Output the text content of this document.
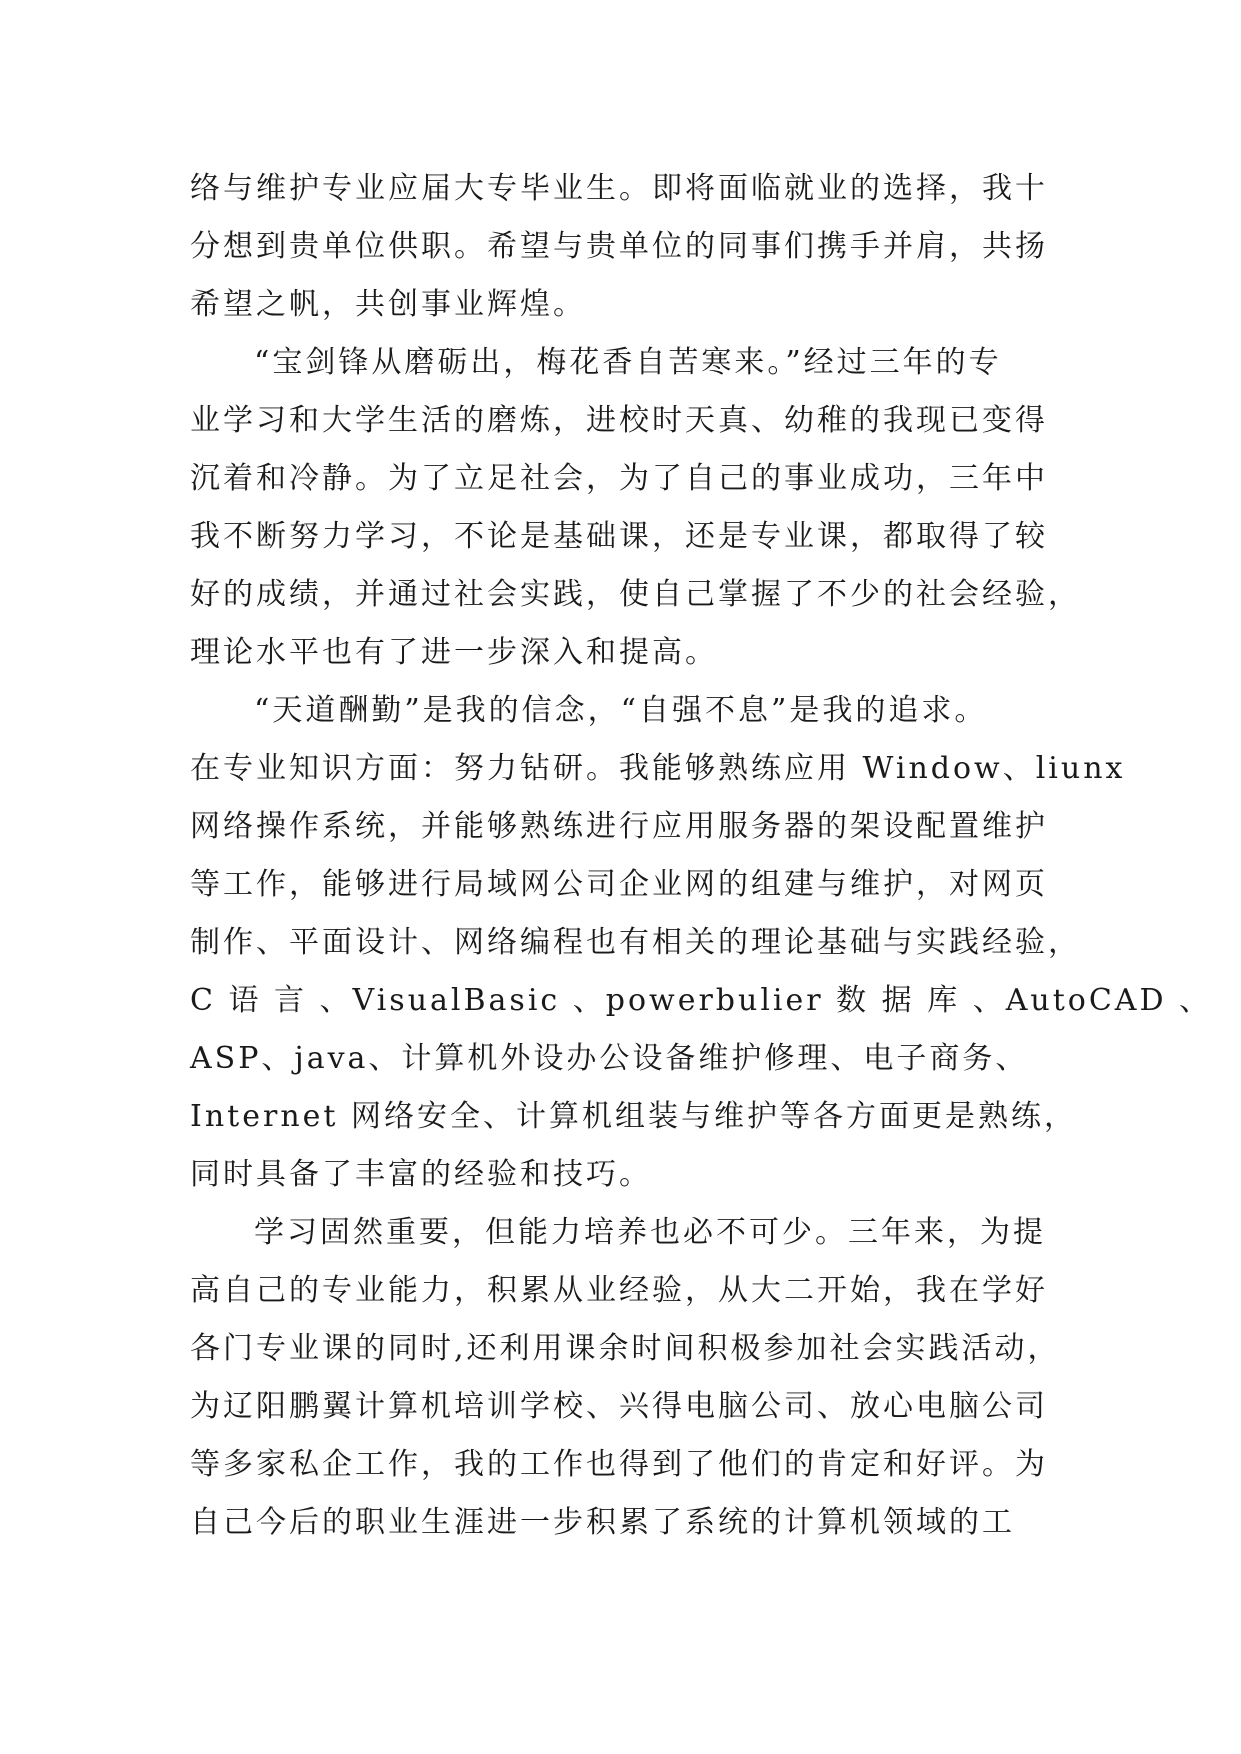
络与维护专业应届大专毕业生。即将面临就业的选择，我十
分想到贵单位供职。希望与贵单位的同事们携手并肩，共扬
希望之帆，共创事业辉煌。
“宝剑锋从磨砺出，梅花香自苦寒来。”经过三年的专
业学习和大学生活的磨炼，进校时天真、幼稚的我现已变得
沉着和冷静。为了立足社会，为了自己的事业成功，三年中
我不断努力学习，不论是基础课，还是专业课，都取得了较
好的成绩，并通过社会实践，使自己掌握了不少的社会经验，
理论水平也有了进一步深入和提高。
“天道酬勤”是我的信念，“自强不息”是我的追求。
在专业知识方面：努力钻研。我能够熟练应用 Window、liunx
网络操作系统，并能够熟练进行应用服务器的架设配置维护
等工作，能够进行局域网公司企业网的组建与维护，对网页
制作、平面设计、网络编程也有相关的理论基础与实践经验，
C 语 言 、VisualBasic 、powerbulier 数 据 库 、AutoCAD 、
ASP、java、计算机外设办公设备维护修理、电子商务、
Internet 网络安全、计算机组装与维护等各方面更是熟练，
同时具备了丰富的经验和技巧。
学习固然重要，但能力培养也必不可少。三年来，为提
高自己的专业能力，积累从业经验，从大二开始，我在学好
各门专业课的同时,还利用课余时间积极参加社会实践活动，
为辽阳鹏翼计算机培训学校、兴得电脑公司、放心电脑公司
等多家私企工作，我的工作也得到了他们的肯定和好评。为
自己今后的职业生涯进一步积累了系统的计算机领域的工
